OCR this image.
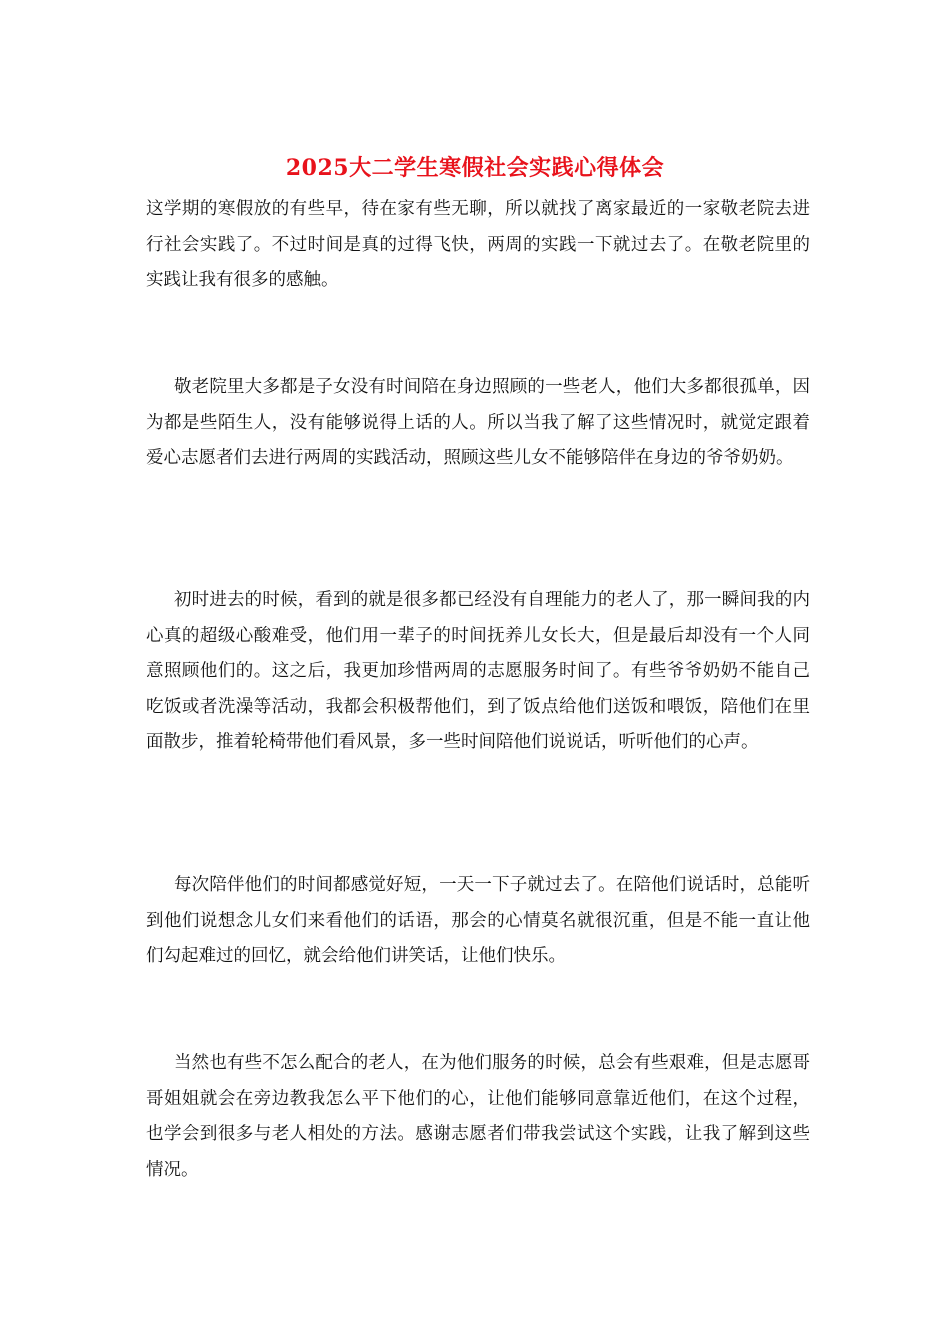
2025大二学生寒假社会实践心得体会

这学期的寒假放的有些早，待在家有些无聊，所以就找了离家最近的一家敬老院去进行社会实践了。不过时间是真的过得飞快，两周的实践一下就过去了。在敬老院里的实践让我有很多的感触。

敬老院里大多都是子女没有时间陪在身边照顾的一些老人，他们大多都很孤单，因为都是些陌生人，没有能够说得上话的人。所以当我了解了这些情况时，就觉定跟着爱心志愿者们去进行两周的实践活动，照顾这些儿女不能够陪伴在身边的爷爷奶奶。

初时进去的时候，看到的就是很多都已经没有自理能力的老人了，那一瞬间我的内心真的超级心酸难受，他们用一辈子的时间抚养儿女长大，但是最后却没有一个人同意照顾他们的。这之后，我更加珍惜两周的志愿服务时间了。有些爷爷奶奶不能自己吃饭或者洗澡等活动，我都会积极帮他们，到了饭点给他们送饭和喂饭，陪他们在里面散步，推着轮椅带他们看风景，多一些时间陪他们说说话，听听他们的心声。

每次陪伴他们的时间都感觉好短，一天一下子就过去了。在陪他们说话时，总能听到他们说想念儿女们来看他们的话语，那会的心情莫名就很沉重，但是不能一直让他们勾起难过的回忆，就会给他们讲笑话，让他们快乐。

当然也有些不怎么配合的老人，在为他们服务的时候，总会有些艰难，但是志愿哥哥姐姐就会在旁边教我怎么平下他们的心，让他们能够同意靠近他们，在这个过程，也学会到很多与老人相处的方法。感谢志愿者们带我尝试这个实践，让我了解到这些情况。
